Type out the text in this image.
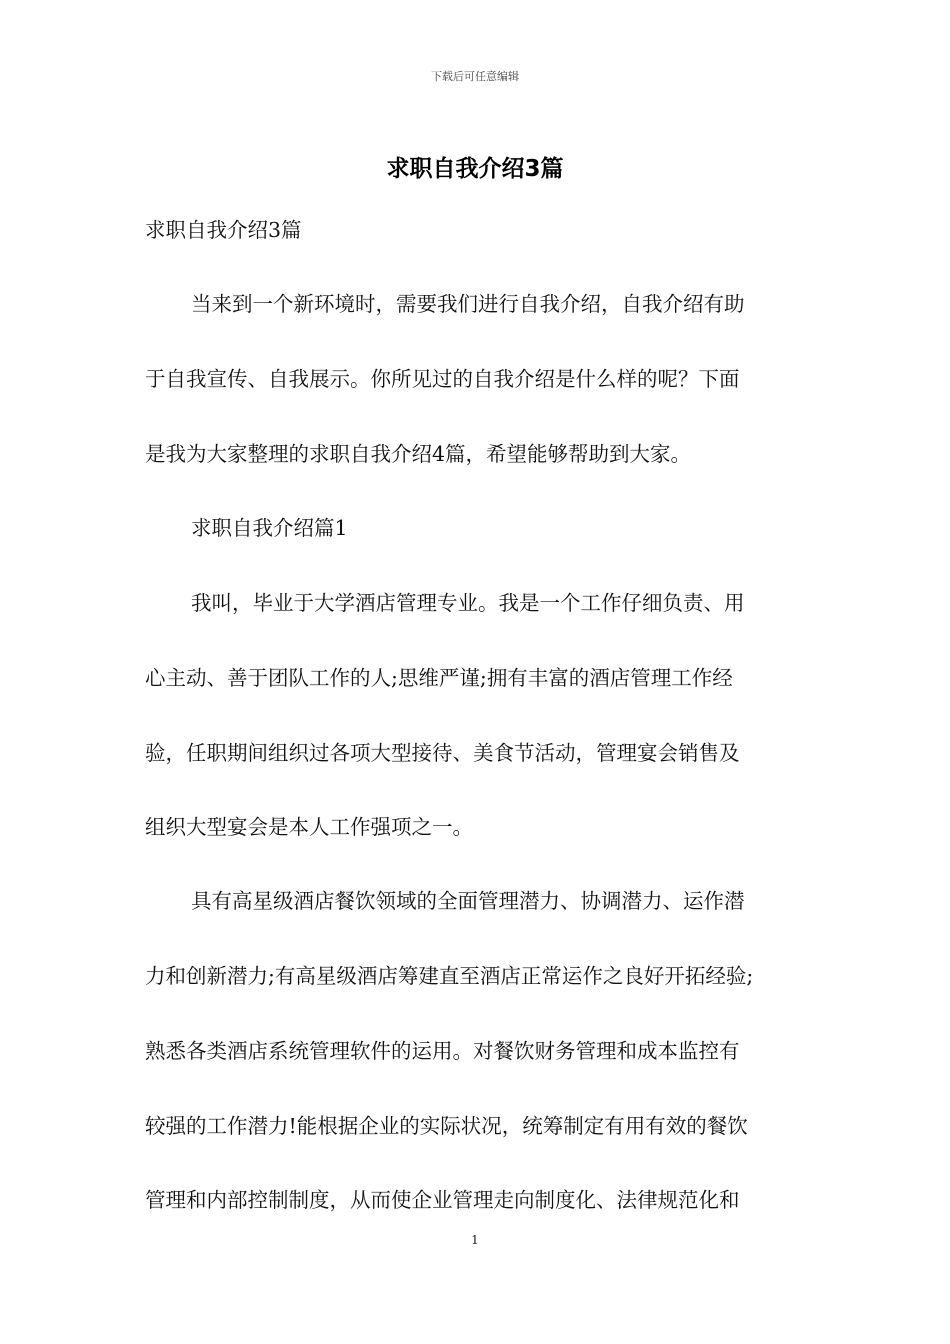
下载后可任意编辑
求职自我介绍3篇
求职自我介绍3篇
当来到一个新环境时，需要我们进行自我介绍，自我介绍有助
于自我宣传、自我展示。你所见过的自我介绍是什么样的呢？下面
是我为大家整理的求职自我介绍4篇，希望能够帮助到大家。
求职自我介绍篇1
我叫，毕业于大学酒店管理专业。我是一个工作仔细负责、用
心主动、善于团队工作的人;思维严谨;拥有丰富的酒店管理工作经
验，任职期间组织过各项大型接待、美食节活动，管理宴会销售及
组织大型宴会是本人工作强项之一。
具有高星级酒店餐饮领域的全面管理潜力、协调潜力、运作潜
力和创新潜力;有高星级酒店筹建直至酒店正常运作之良好开拓经验;
熟悉各类酒店系统管理软件的运用。对餐饮财务管理和成本监控有
较强的工作潜力!能根据企业的实际状况，统筹制定有用有效的餐饮
管理和内部控制制度，从而使企业管理走向制度化、法律规范化和
1
